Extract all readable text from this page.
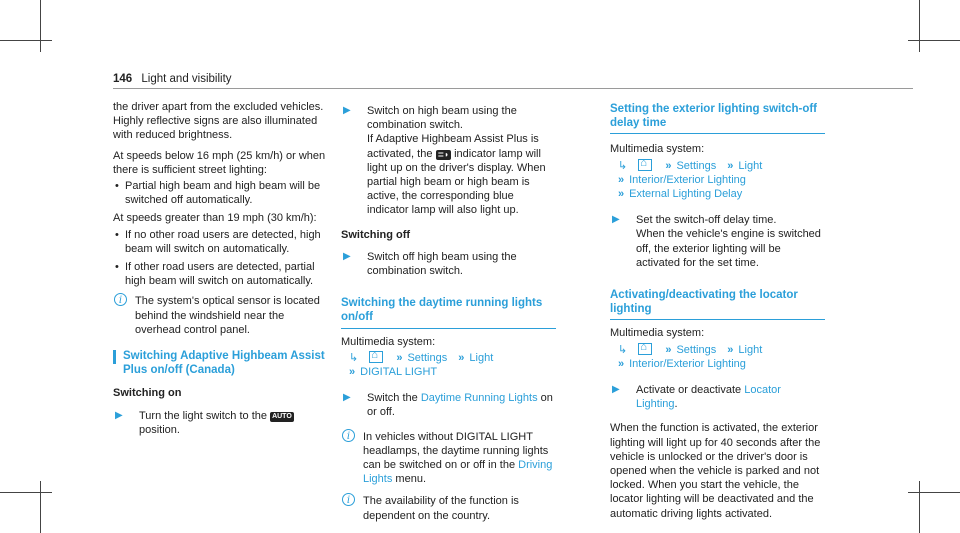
146 Light and visibility

the driver apart from the excluded vehicles. Highly reflective signs are also illuminated with reduced brightness.

At speeds below 16 mph (25 km/h) or when there is sufficient street lighting:

• Partial high beam and high beam will be switched off automatically.

At speeds greater than 19 mph (30 km/h):

• If no other road users are detected, high beam will switch on automatically.
• If other road users are detected, partial high beam will switch on automatically.
i	The system's optical sensor is located behind the windshield near the overhead control panel.
Switching Adaptive Highbeam Assist Plus on/off (Canada)
Switching on
▶ Turn the light switch to the AUTO position.
▶ Switch on high beam using the combination switch.
If Adaptive Highbeam Assist Plus is activated, the ≣◗ indicator lamp will light up on the driver's display. When partial high beam or high beam is active, the corresponding blue indicator lamp will also light up.
Switching off
▶ Switch off high beam using the combination switch.
Switching the daytime running lights on/off

Multimedia system:

↳ ⌂	» Settings » Light
» DIGITAL LIGHT
▶ Switch the Daytime Running Lights on or off.
i	In vehicles without DIGITAL LIGHT headlamps, the daytime running lights can be switched on or off in the Driving Lights menu.
i	The availability of the function is dependent on the country.
Setting the exterior lighting switch-off delay time

Multimedia system:

↳ ⌂	» Settings » Light
» Interior/Exterior Lighting
» External Lighting Delay
▶ Set the switch-off delay time.
When the vehicle's engine is switched off, the exterior lighting will be activated for the set time.
Activating/deactivating the locator lighting

Multimedia system:

↳ ⌂	» Settings » Light
» Interior/Exterior Lighting
▶ Activate or deactivate Locator Lighting.

When the function is activated, the exterior lighting will light up for 40 seconds after the vehicle is unlocked or the driver's door is opened when the vehicle is parked and not locked. When you start the vehicle, the locator lighting will be deactivated and the automatic driving lights activated.
